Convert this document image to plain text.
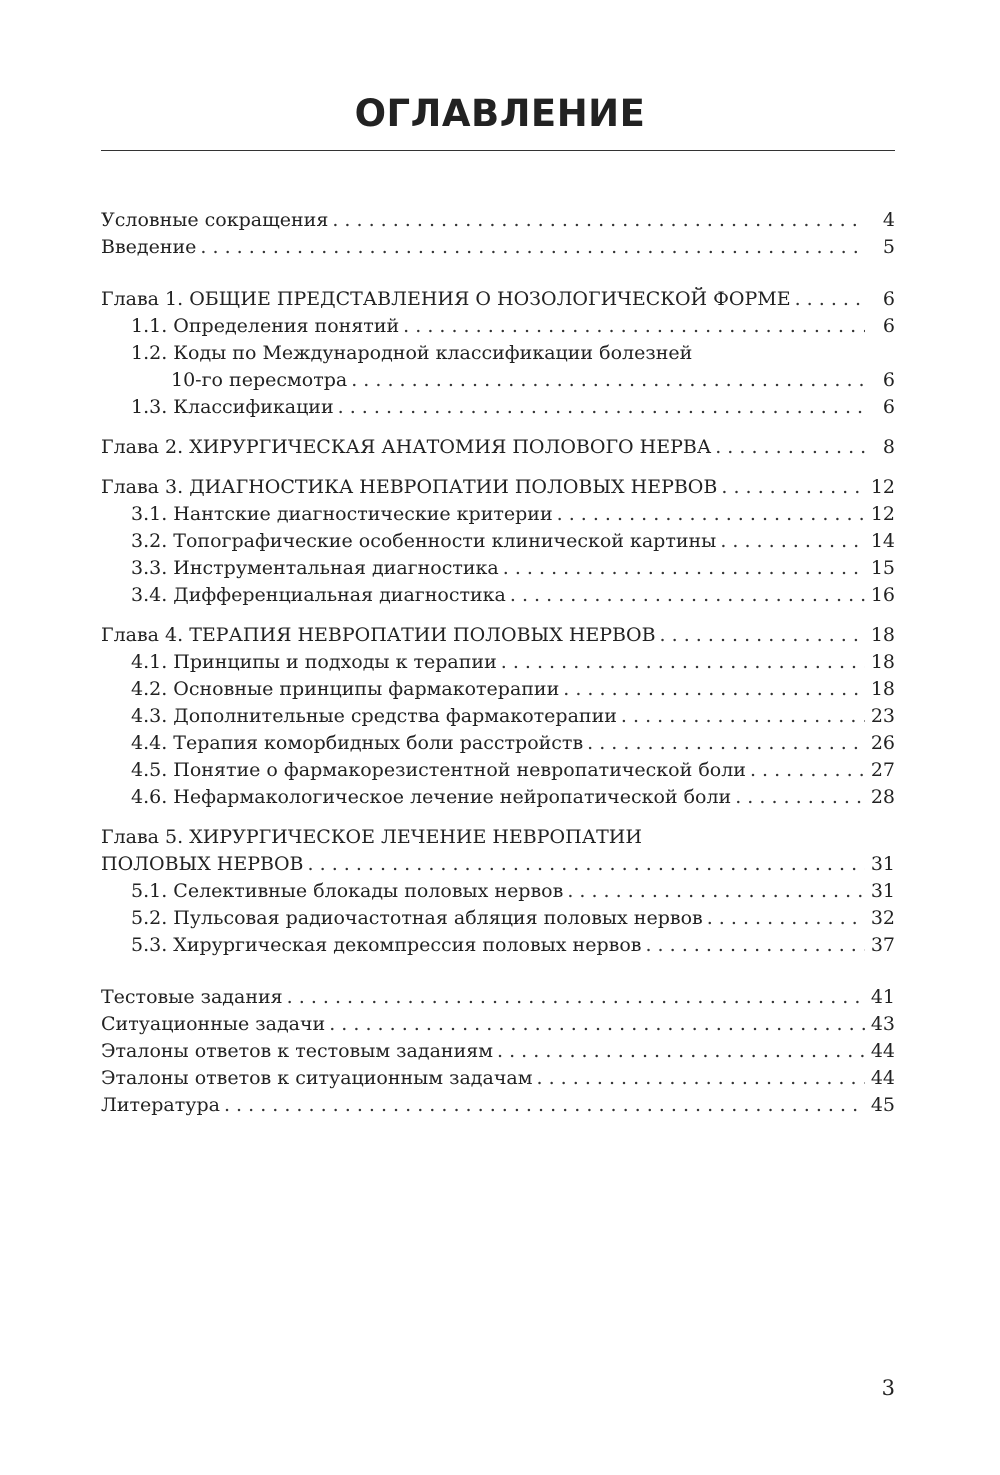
ОГЛАВЛЕНИЕ
Условные сокращения . . .	4
Введение . . .	5
Глава 1. ОБЩИЕ ПРЕДСТАВЛЕНИЯ О НОЗОЛОГИЧЕСКОЙ ФОРМЕ . . .	6
1.1. Определения понятий . . .	6
1.2. Коды по Международной классификации болезней
10-го пересмотра . . .	6
1.3. Классификации . . .	6
Глава 2. ХИРУРГИЧЕСКАЯ АНАТОМИЯ ПОЛОВОГО НЕРВА . . .	8
Глава 3. ДИАГНОСТИКА НЕВРОПАТИИ ПОЛОВЫХ НЕРВОВ . . .	12
3.1. Нантские диагностические критерии . . .	12
3.2. Топографические особенности клинической картины . . .	14
3.3. Инструментальная диагностика . . .	15
3.4. Дифференциальная диагностика . . .	16
Глава 4. ТЕРАПИЯ НЕВРОПАТИИ ПОЛОВЫХ НЕРВОВ . . .	18
4.1. Принципы и подходы к терапии . . .	18
4.2. Основные принципы фармакотерапии . . .	18
4.3. Дополнительные средства фармакотерапии . . .	23
4.4. Терапия коморбидных боли расстройств . . .	26
4.5. Понятие о фармакорезистентной невропатической боли . . .	27
4.6. Нефармакологическое лечение нейропатической боли . . .	28
Глава 5. ХИРУРГИЧЕСКОЕ ЛЕЧЕНИЕ НЕВРОПАТИИ
ПОЛОВЫХ НЕРВОВ . . .	31
5.1. Селективные блокады половых нервов . . .	31
5.2. Пульсовая радиочастотная абляция половых нервов . . .	32
5.3. Хирургическая декомпрессия половых нервов . . .	37
Тестовые задания . . .	41
Ситуационные задачи . . .	43
Эталоны ответов к тестовым заданиям . . .	44
Эталоны ответов к ситуационным задачам . . .	44
Литература . . .	45
3
